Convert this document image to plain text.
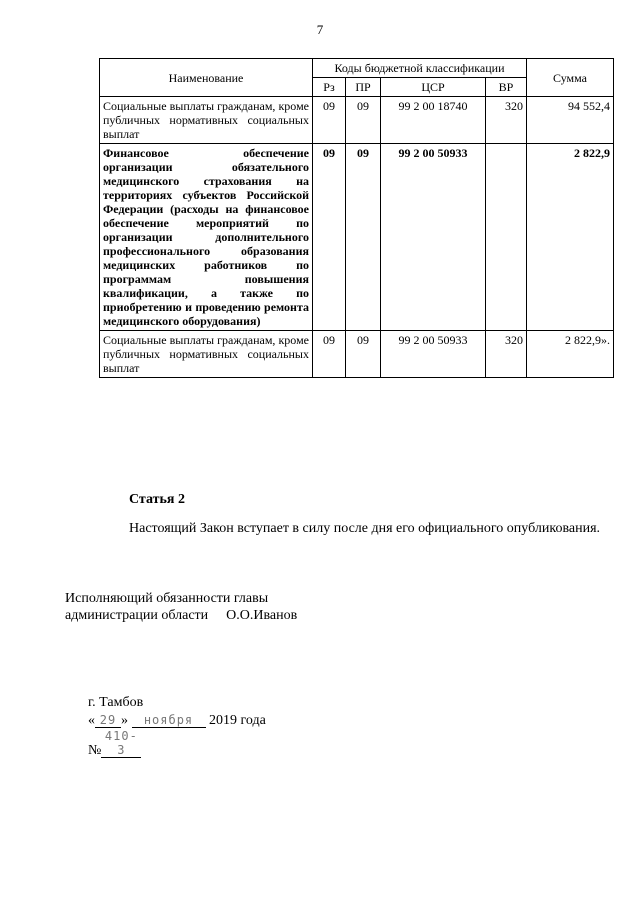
7
Наименование	Коды бюджетной классификации				Сумма
	Рз	ПР	ЦСР	ВР	
Социальные выплаты гражданам, кроме публичных нормативных социальных выплат	09	09	99 2 00 18740	320	94 552,4
Финансовое обеспечение организации обязательного медицинского страхования на территориях субъектов Российской Федерации (расходы на финансовое обеспечение мероприятий по организации дополнительного профессионального образования медицинских работников по программам повышения квалификации, а также по приобретению и проведению ремонта медицинского оборудования)	09	09	99 2 00 50933		2 822,9
Социальные выплаты гражданам, кроме публичных нормативных социальных выплат	09	09	99 2 00 50933	320	2 822,9».
Статья 2
Настоящий Закон вступает в силу после дня его официального опубликования.
Исполняющий обязанности главы
администрации области О.О.Иванов
г. Тамбов
« 29 » ноября 2019 года
№410-З
